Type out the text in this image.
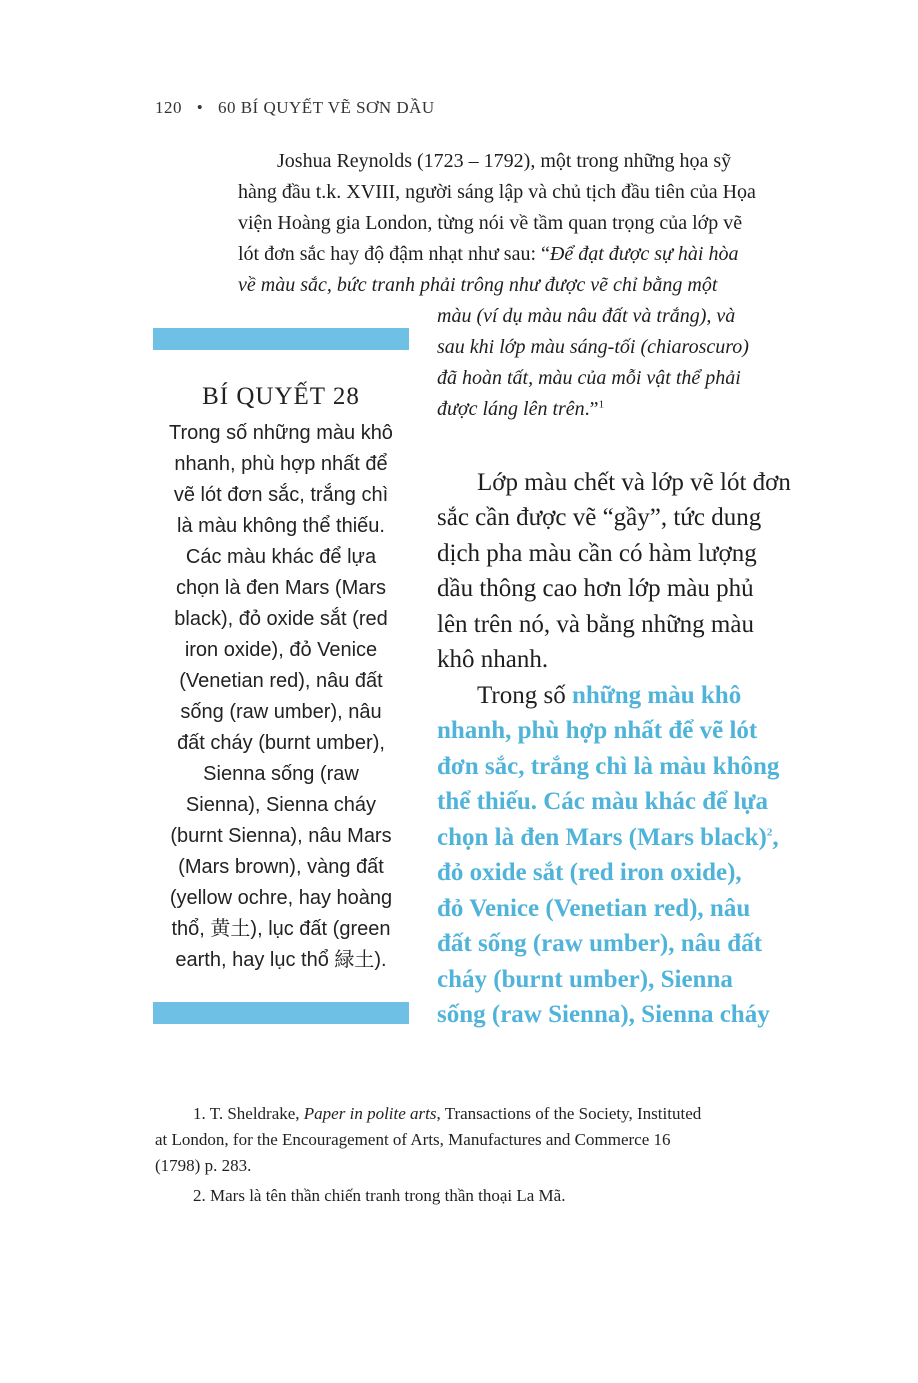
120 • 60 BÍ QUYẾT VẼ SƠN DẦU
Joshua Reynolds (1723 – 1792), một trong những họa sỹ
hàng đầu t.k. XVIII, người sáng lập và chủ tịch đầu tiên của Họa
viện Hoàng gia London, từng nói về tầm quan trọng của lớp vẽ
lót đơn sắc hay độ đậm nhạt như sau: “Để đạt được sự hài hòa
về màu sắc, bức tranh phải trông như được vẽ chỉ bằng một
màu (ví dụ màu nâu đất và trắng), và
sau khi lớp màu sáng-tối (chiaroscuro)
đã hoàn tất, màu của mỗi vật thể phải
được láng lên trên.”$^1$
BÍ QUYẾT 28
Trong số những màu khô
nhanh, phù hợp nhất để
vẽ lót đơn sắc, trắng chì
là màu không thể thiếu.
Các màu khác để lựa
chọn là đen Mars (Mars
black), đỏ oxide sắt (red
iron oxide), đỏ Venice
(Venetian red), nâu đất
sống (raw umber), nâu
đất cháy (burnt umber),
Sienna sống (raw
Sienna), Sienna cháy
(burnt Sienna), nâu Mars
(Mars brown), vàng đất
(yellow ochre, hay hoàng
thổ, 黄土), lục đất (green
earth, hay lục thổ 緑土).
Lớp màu chết và lớp vẽ lót đơn
sắc cần được vẽ “gầy”, tức dung
dịch pha màu cần có hàm lượng
dầu thông cao hơn lớp màu phủ
lên trên nó, và bằng những màu
khô nhanh.
Trong số những màu khô
nhanh, phù hợp nhất để vẽ lót
đơn sắc, trắng chì là màu không
thể thiếu. Các màu khác để lựa
chọn là đen Mars (Mars black)$^2$,
đỏ oxide sắt (red iron oxide),
đỏ Venice (Venetian red), nâu
đất sống (raw umber), nâu đất
cháy (burnt umber), Sienna
sống (raw Sienna), Sienna cháy
1. T. Sheldrake, Paper in polite arts, Transactions of the Society, Instituted
at London, for the Encouragement of Arts, Manufactures and Commerce 16
(1798) p. 283.
2. Mars là tên thần chiến tranh trong thần thoại La Mã.
